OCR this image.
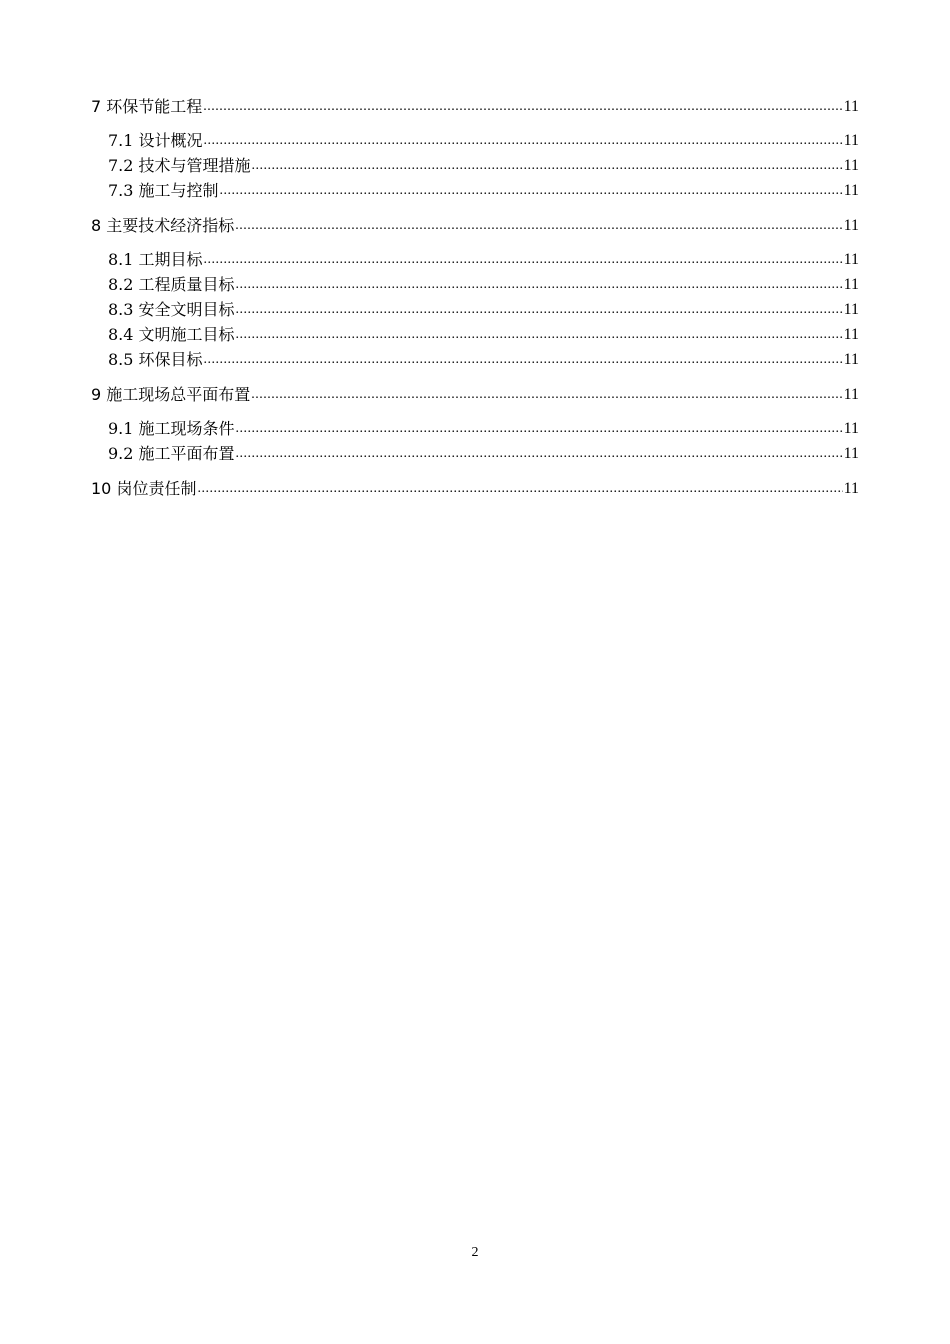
7 环保节能工程 .....	11
7.1 设计概况 .....	11
7.2 技术与管理措施 .....	11
7.3 施工与控制 .....	11
8 主要技术经济指标 .....	11
8.1 工期目标 .....	11
8.2 工程质量目标 .....	11
8.3 安全文明目标 .....	11
8.4 文明施工目标 .....	11
8.5 环保目标 .....	11
9 施工现场总平面布置 .....	11
9.1 施工现场条件 .....	11
9.2 施工平面布置 .....	11
10 岗位责任制 .....	11
2
